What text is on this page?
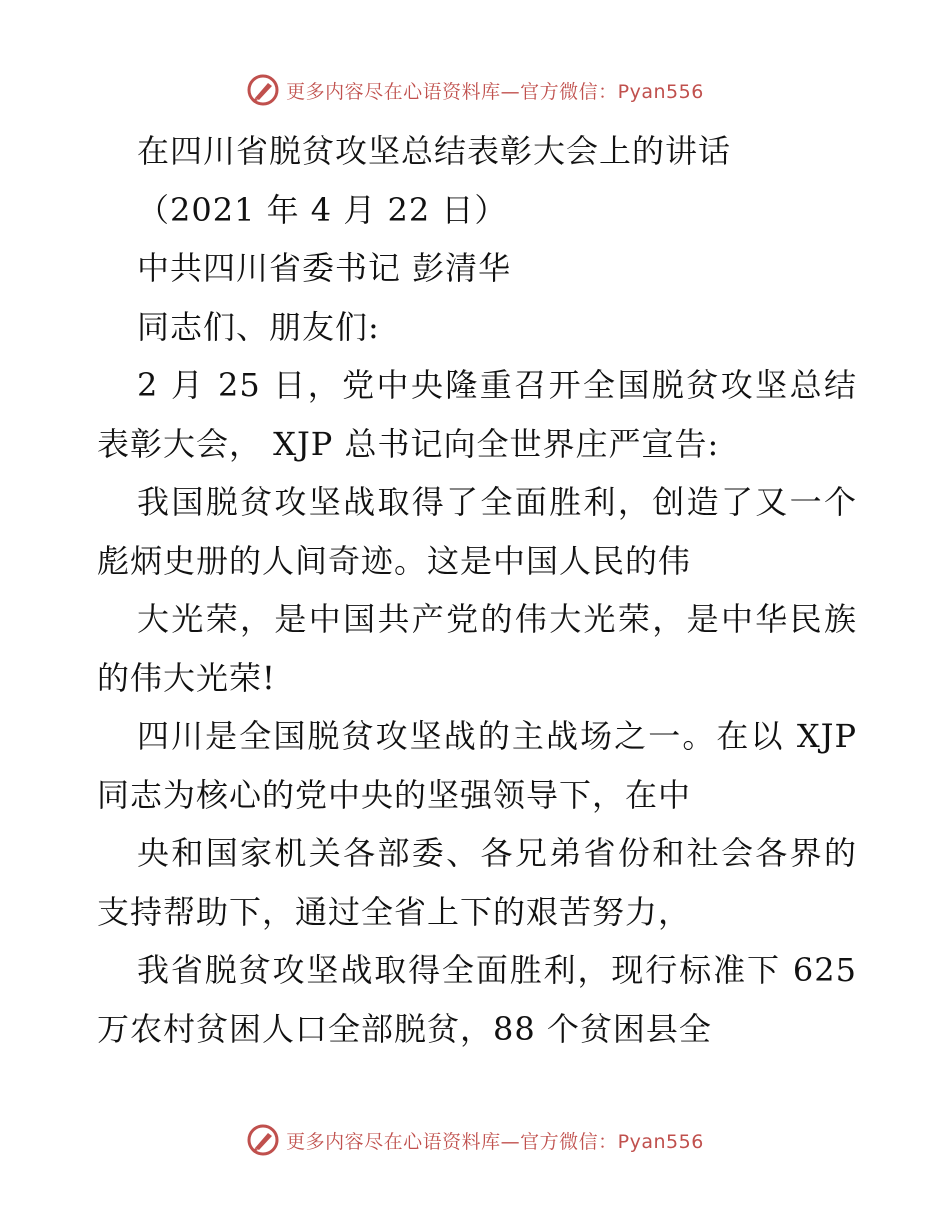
更多内容尽在心语资料库—官方微信：Pyan556
在四川省脱贫攻坚总结表彰大会上的讲话
（2021 年 4 月 22 日）
中共四川省委书记 彭清华
同志们、朋友们:
2 月 25 日，党中央隆重召开全国脱贫攻坚总结
表彰大会， XJP 总书记向全世界庄严宣告:
我国脱贫攻坚战取得了全面胜利，创造了又一个
彪炳史册的人间奇迹。这是中国人民的伟
大光荣，是中国共产党的伟大光荣，是中华民族
的伟大光荣!
四川是全国脱贫攻坚战的主战场之一。在以 XJP
同志为核心的党中央的坚强领导下，在中
央和国家机关各部委、各兄弟省份和社会各界的
支持帮助下，通过全省上下的艰苦努力，
我省脱贫攻坚战取得全面胜利，现行标准下 625
万农村贫困人口全部脱贫，88 个贫困县全
更多内容尽在心语资料库—官方微信：Pyan556
